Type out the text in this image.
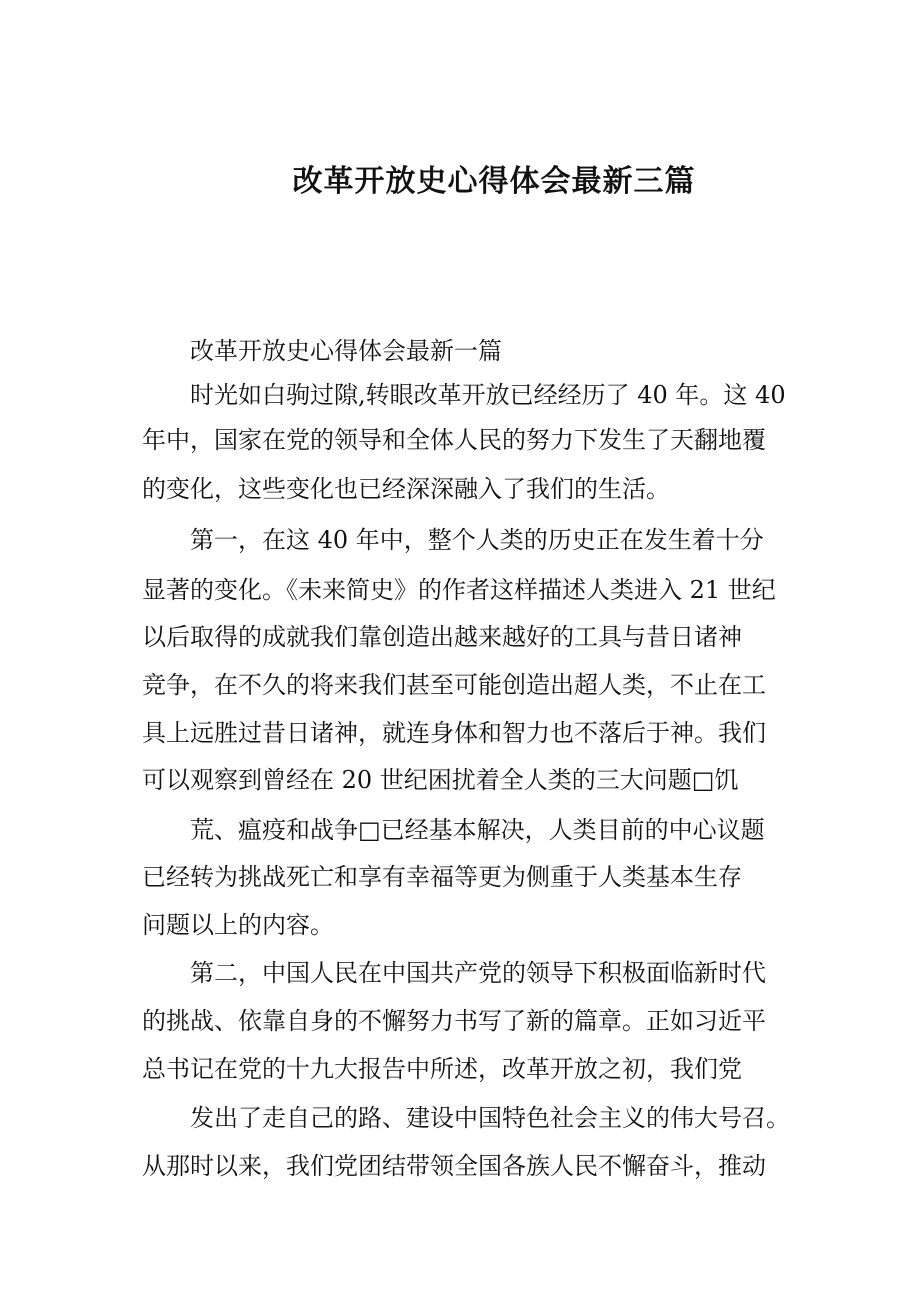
改革开放史心得体会最新三篇

改革开放史心得体会最新一篇

时光如白驹过隙,转眼改革开放已经经历了 40 年。这 40

年中，国家在党的领导和全体人民的努力下发生了天翻地覆

的变化，这些变化也已经深深融入了我们的生活。

第一，在这 40 年中，整个人类的历史正在发生着十分

显著的变化。《未来简史》的作者这样描述人类进入 21 世纪

以后取得的成就我们靠创造出越来越好的工具与昔日诸神

竞争，在不久的将来我们甚至可能创造出超人类，不止在工

具上远胜过昔日诸神，就连身体和智力也不落后于神。我们

可以观察到曾经在 20 世纪困扰着全人类的三大问题□饥

荒、瘟疫和战争□已经基本解决，人类目前的中心议题

已经转为挑战死亡和享有幸福等更为侧重于人类基本生存

问题以上的内容。

第二，中国人民在中国共产党的领导下积极面临新时代

的挑战、依靠自身的不懈努力书写了新的篇章。正如习近平

总书记在党的十九大报告中所述，改革开放之初，我们党

发出了走自己的路、建设中国特色社会主义的伟大号召。

从那时以来，我们党团结带领全国各族人民不懈奋斗，推动
